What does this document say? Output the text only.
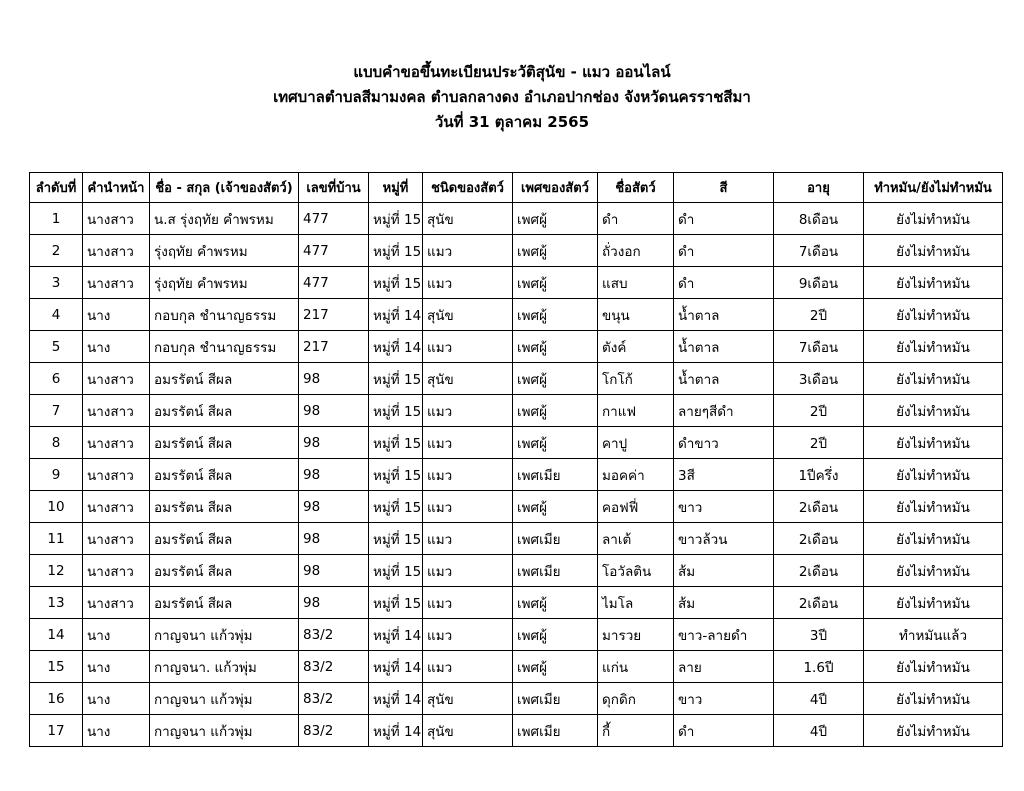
แบบคำขอขึ้นทะเบียนประวัติสุนัข - แมว ออนไลน์
เทศบาลตำบลสีมามงคล ตำบลกลางดง อำเภอปากช่อง จังหวัดนครราชสีมา
วันที่ 31 ตุลาคม 2565
ลำดับที่	คำนำหน้า	ชื่อ - สกุล (เจ้าของสัตว์)	เลขที่บ้าน	หมู่ที่	ชนิดของสัตว์	เพศของสัตว์	ชื่อสัตว์	สี	อายุ	ทำหมัน/ยังไม่ทำหมัน
1	นางสาว	น.ส รุ่งฤทัย คำพรหม	477	หมู่ที่ 15	สุนัข	เพศผู้	ดำ	ดำ	8เดือน	ยังไม่ทำหมัน
2	นางสาว	รุ่งฤทัย คำพรหม	477	หมู่ที่ 15	แมว	เพศผู้	ถั่วงอก	ดำ	7เดือน	ยังไม่ทำหมัน
3	นางสาว	รุ่งฤทัย คำพรหม	477	หมู่ที่ 15	แมว	เพศผู้	แสบ	ดำ	9เดือน	ยังไม่ทำหมัน
4	นาง	กอบกุล ชำนาญธรรม	217	หมู่ที่ 14	สุนัข	เพศผู้	ขนุน	น้ำตาล	2ปี	ยังไม่ทำหมัน
5	นาง	กอบกุล ชำนาญธรรม	217	หมู่ที่ 14	แมว	เพศผู้	ตังค์	น้ำตาล	7เดือน	ยังไม่ทำหมัน
6	นางสาว	อมรรัตน์ สีผล	98	หมู่ที่ 15	สุนัข	เพศผู้	โกโก้	น้ำตาล	3เดือน	ยังไม่ทำหมัน
7	นางสาว	อมรรัตน์ สีผล	98	หมู่ที่ 15	แมว	เพศผู้	กาแฟ	ลายๆสีดำ	2ปี	ยังไม่ทำหมัน
8	นางสาว	อมรรัตน์ สีผล	98	หมู่ที่ 15	แมว	เพศผู้	คาปู	ดำขาว	2ปี	ยังไม่ทำหมัน
9	นางสาว	อมรรัตน์ สีผล	98	หมู่ที่ 15	แมว	เพศเมีย	มอคค่า	3สี	1ปีครึ่ง	ยังไม่ทำหมัน
10	นางสาว	อมรรัตน สีผล	98	หมู่ที่ 15	แมว	เพศผู้	คอฟฟี่	ขาว	2เดือน	ยังไม่ทำหมัน
11	นางสาว	อมรรัตน์ สีผล	98	หมู่ที่ 15	แมว	เพศเมีย	ลาเต้	ขาวล้วน	2เดือน	ยังไม่ทำหมัน
12	นางสาว	อมรรัตน์ สีผล	98	หมู่ที่ 15	แมว	เพศเมีย	โอวัลติน	ส้ม	2เดือน	ยังไม่ทำหมัน
13	นางสาว	อมรรัตน์ สีผล	98	หมู่ที่ 15	แมว	เพศผู้	ไมโล	ส้ม	2เดือน	ยังไม่ทำหมัน
14	นาง	กาญจนา แก้วพุ่ม	83/2	หมู่ที่ 14	แมว	เพศผู้	มารวย	ขาว-ลายดำ	3ปี	ทำหมันแล้ว
15	นาง	กาญจนา. แก้วพุ่ม	83/2	หมู่ที่ 14	แมว	เพศผู้	แก่น	ลาย	1.6ปี	ยังไม่ทำหมัน
16	นาง	กาญจนา แก้วพุ่ม	83/2	หมู่ที่ 14	สุนัข	เพศเมีย	ดุกดิก	ขาว	4ปี	ยังไม่ทำหมัน
17	นาง	กาญจนา แก้วพุ่ม	83/2	หมู่ที่ 14	สุนัข	เพศเมีย	กี้	ดำ	4ปี	ยังไม่ทำหมัน
